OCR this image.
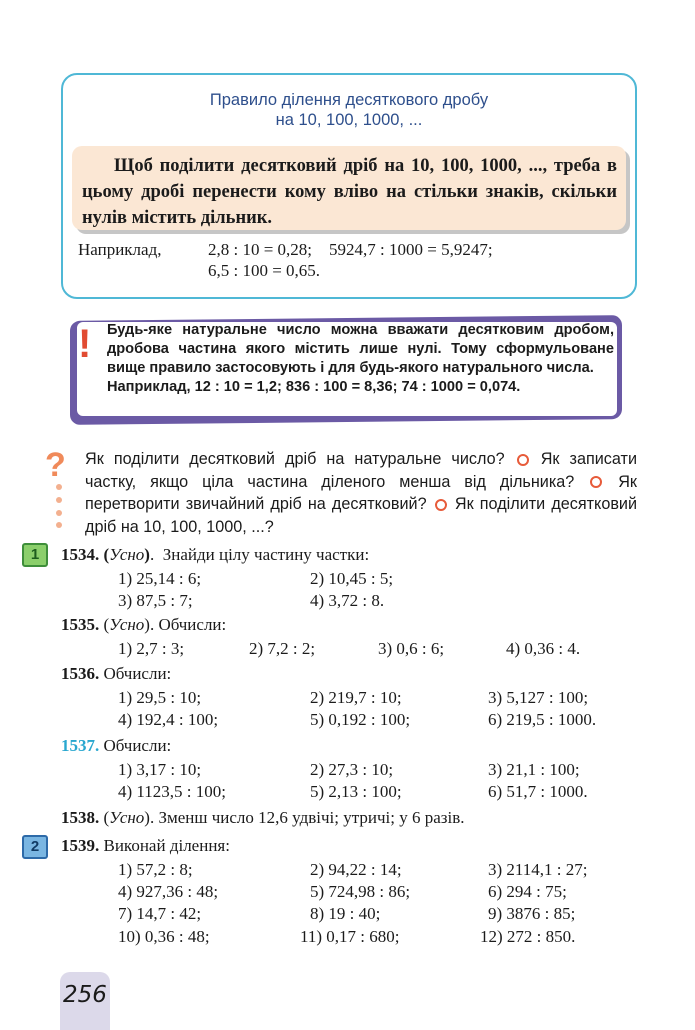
Правило ділення десяткового дробу
на 10, 100, 1000, ...
Щоб поділити десятковий дріб на 10, 100, 1000, ..., треба в цьому дробі перенести кому вліво на стільки знаків, скільки нулів містить дільник.
Наприклад,	2,8 : 10 = 0,28;    5924,7 : 1000 = 5,9247;
6,5 : 100 = 0,65.
! Будь-яке натуральне число можна вважати десятковим дробом, дробова частина якого містить лише нулі. Тому сформульоване вище правило застосовують і для будь-якого натурального числа.
Наприклад, 12 : 10 = 1,2; 836 : 100 = 8,36; 74 : 1000 = 0,074.
? Як поділити десятковий дріб на натуральне число? Як записати частку, якщо ціла частина діленого менша від дільника?	Як перетворити звичайний дріб на десятковий? Як поділити десятковий дріб на 10, 100, 1000, ...?
1
2
1534. (Усно).  Знайди цілу частину частки:
1) 25,14 : 6;	2) 10,45 : 5;
3) 87,5 : 7;	4) 3,72 : 8.
1535. (Усно). Обчисли:
1) 2,7 : 3;	2) 7,2 : 2;	3) 0,6 : 6;	4) 0,36 : 4.
1536. Обчисли:
1) 29,5 : 10;	2) 219,7 : 10;	3) 5,127 : 100;
4) 192,4 : 100;	5) 0,192 : 100;	6) 219,5 : 1000.
1537. Обчисли:
1) 3,17 : 10;	2) 27,3 : 10;	3) 21,1 : 100;
4) 1123,5 : 100;	5) 2,13 : 100;	6) 51,7 : 1000.
1538. (Усно). Зменш число 12,6 удвічі; утричі; у 6 разів.
1539. Виконай ділення:
1) 57,2 : 8;	2) 94,22 : 14;	3) 2114,1 : 27;
4) 927,36 : 48;	5) 724,98 : 86;	6) 294 : 75;
7) 14,7 : 42;	8) 19 : 40;	9) 3876 : 85;
10) 0,36 : 48;	11) 0,17 : 680;	12) 272 : 850.
256
